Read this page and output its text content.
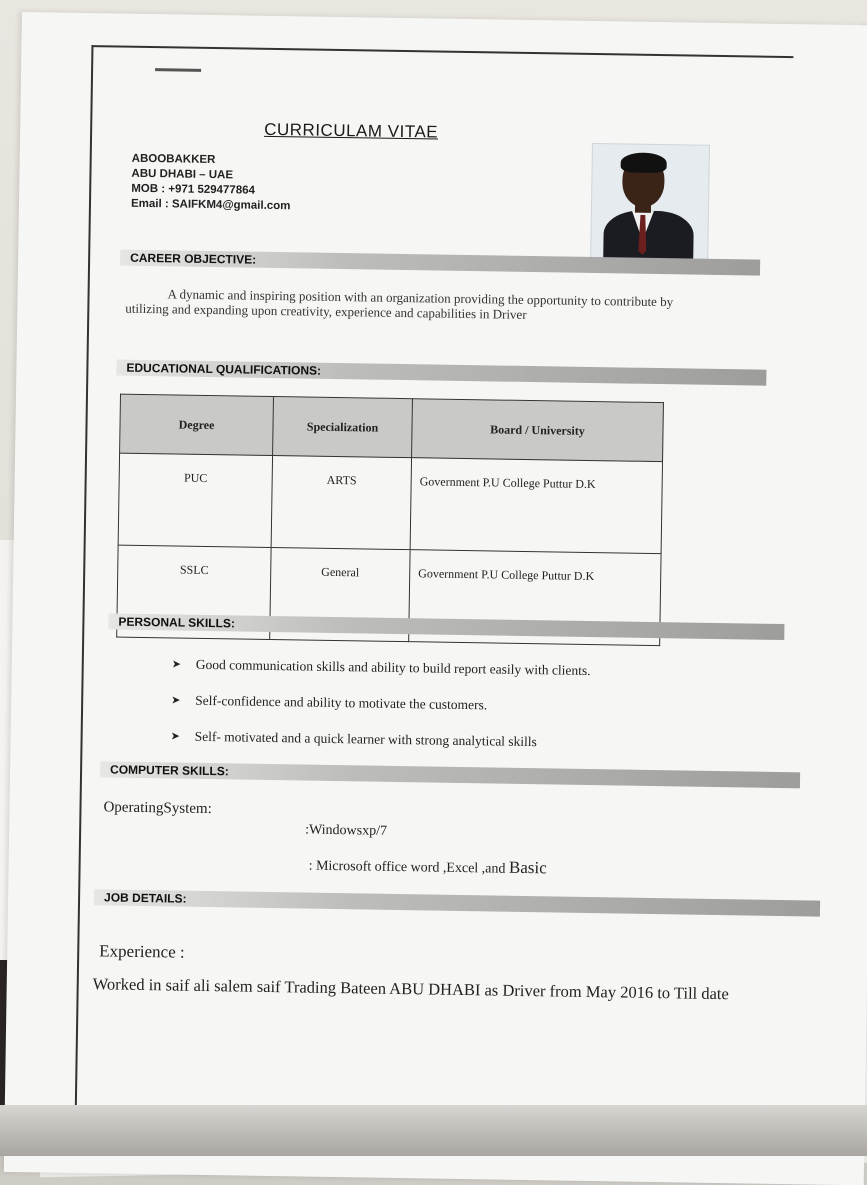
CURRICULAM VITAE
ABOOBAKKER
ABU DHABI – UAE
MOB : +971 529477864
Email : SAIFKM4@gmail.com
CAREER OBJECTIVE:
A dynamic and inspiring position with an organization providing the opportunity to contribute by utilizing and expanding upon creativity, experience and capabilities in Driver
EDUCATIONAL QUALIFICATIONS:
Degree	Specialization	Board / University
PUC	ARTS	Government P.U College Puttur D.K
SSLC	General	Government P.U College Puttur D.K
PERSONAL SKILLS:
➤ Good communication skills and ability to build report easily with clients.
➤ Self-confidence and ability to motivate the customers.
➤ Self- motivated and a quick learner with strong analytical skills
COMPUTER SKILLS:
OperatingSystem:
:Windowsxp/7
: Microsoft office word ,Excel ,and Basic
JOB DETAILS:
Experience :
Worked in saif ali salem saif Trading Bateen ABU DHABI as Driver from May 2016 to Till date
